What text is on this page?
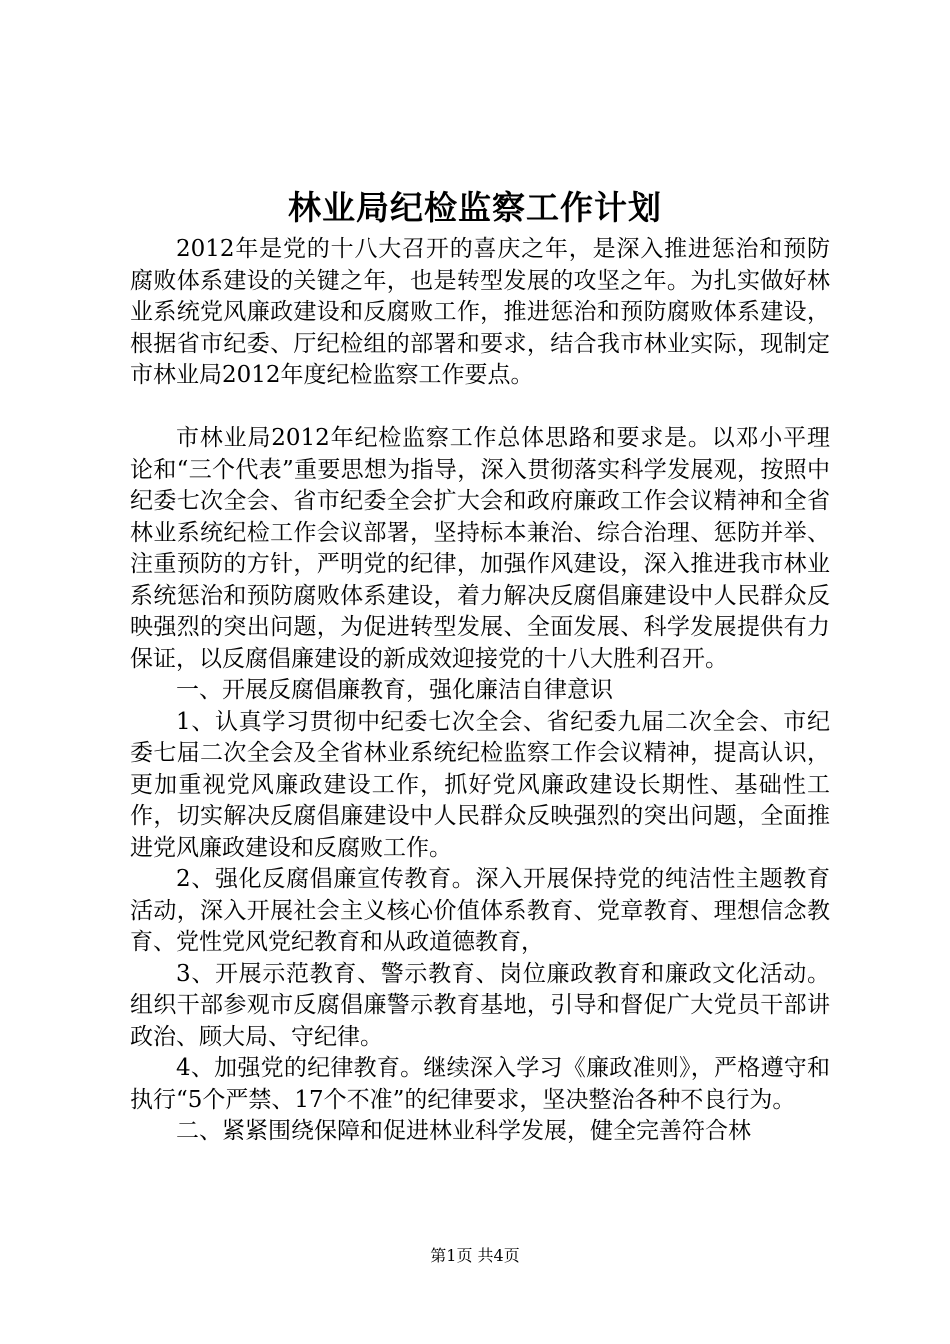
林业局纪检监察工作计划

2012年是党的十八大召开的喜庆之年，是深入推进惩治和预防腐败体系建设的关键之年，也是转型发展的攻坚之年。为扎实做好林业系统党风廉政建设和反腐败工作，推进惩治和预防腐败体系建设，根据省市纪委、厅纪检组的部署和要求，结合我市林业实际，现制定市林业局2012年度纪检监察工作要点。

市林业局2012年纪检监察工作总体思路和要求是。以邓小平理论和“三个代表”重要思想为指导，深入贯彻落实科学发展观，按照中纪委七次全会、省市纪委全会扩大会和政府廉政工作会议精神和全省林业系统纪检工作会议部署，坚持标本兼治、综合治理、惩防并举、注重预防的方针，严明党的纪律，加强作风建设，深入推进我市林业系统惩治和预防腐败体系建设，着力解决反腐倡廉建设中人民群众反映强烈的突出问题，为促进转型发展、全面发展、科学发展提供有力保证，以反腐倡廉建设的新成效迎接党的十八大胜利召开。

一、开展反腐倡廉教育，强化廉洁自律意识

1、认真学习贯彻中纪委七次全会、省纪委九届二次全会、市纪委七届二次全会及全省林业系统纪检监察工作会议精神，提高认识，更加重视党风廉政建设工作，抓好党风廉政建设长期性、基础性工作，切实解决反腐倡廉建设中人民群众反映强烈的突出问题，全面推进党风廉政建设和反腐败工作。

2、强化反腐倡廉宣传教育。深入开展保持党的纯洁性主题教育活动，深入开展社会主义核心价值体系教育、党章教育、理想信念教育、党性党风党纪教育和从政道德教育，

3、开展示范教育、警示教育、岗位廉政教育和廉政文化活动。组织干部参观市反腐倡廉警示教育基地，引导和督促广大党员干部讲政治、顾大局、守纪律。

4、加强党的纪律教育。继续深入学习《廉政准则》，严格遵守和执行“5个严禁、17个不准”的纪律要求，坚决整治各种不良行为。

二、紧紧围绕保障和促进林业科学发展，健全完善符合林

第1页 共4页
